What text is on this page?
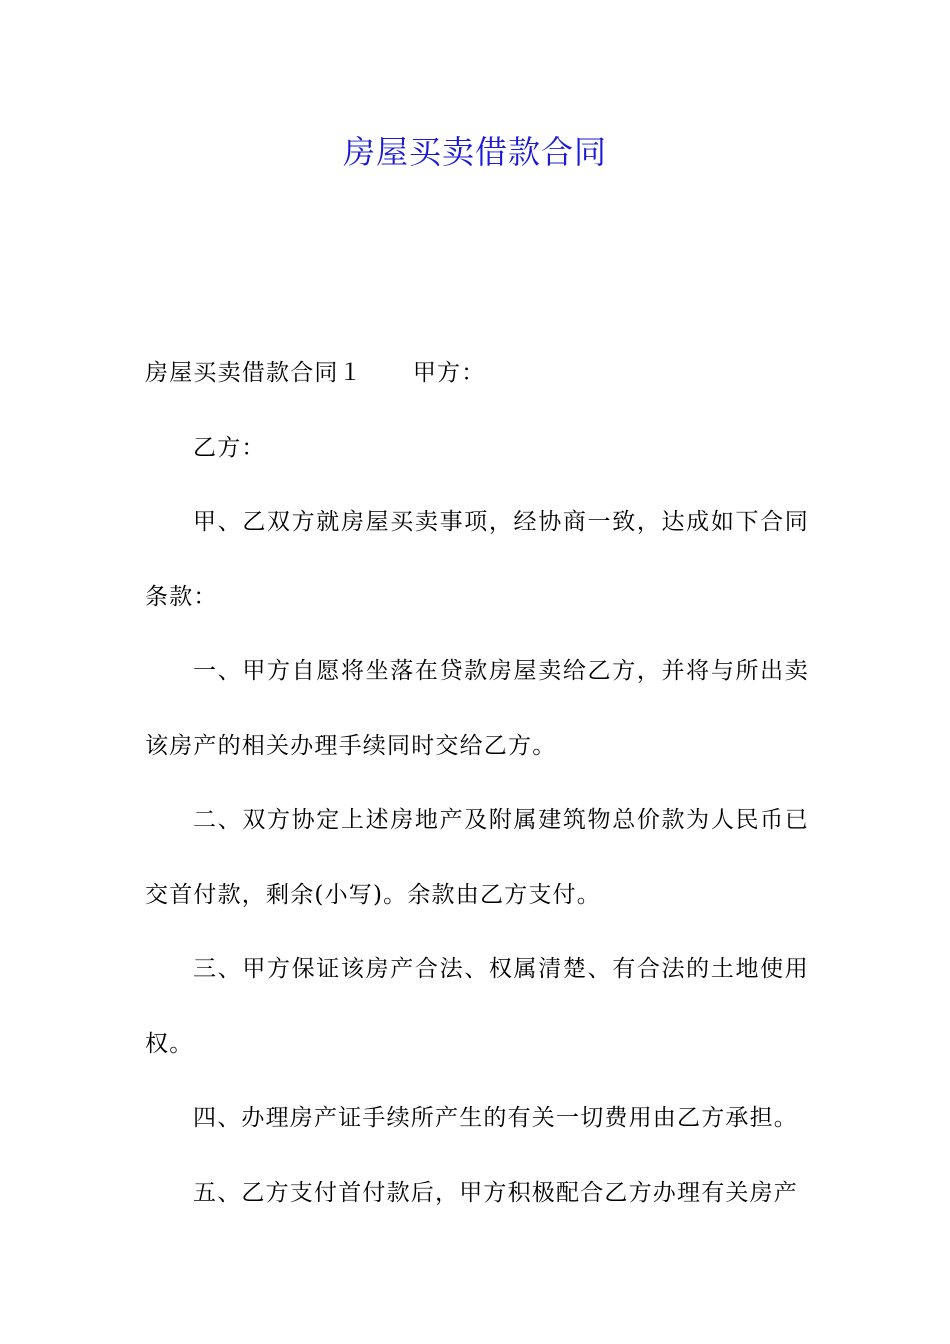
房屋买卖借款合同

房屋买卖借款合同１ 甲方：

乙方：

甲、乙双方就房屋买卖事项，经协商一致，达成如下合同条款：

一、甲方自愿将坐落在贷款房屋卖给乙方，并将与所出卖该房产的相关办理手续同时交给乙方。

二、双方协定上述房地产及附属建筑物总价款为人民币已交首付款，剩余(小写)。余款由乙方支付。

三、甲方保证该房产合法、权属清楚、有合法的土地使用权。

四、办理房产证手续所产生的有关一切费用由乙方承担。

五、乙方支付首付款后，甲方积极配合乙方办理有关房产
